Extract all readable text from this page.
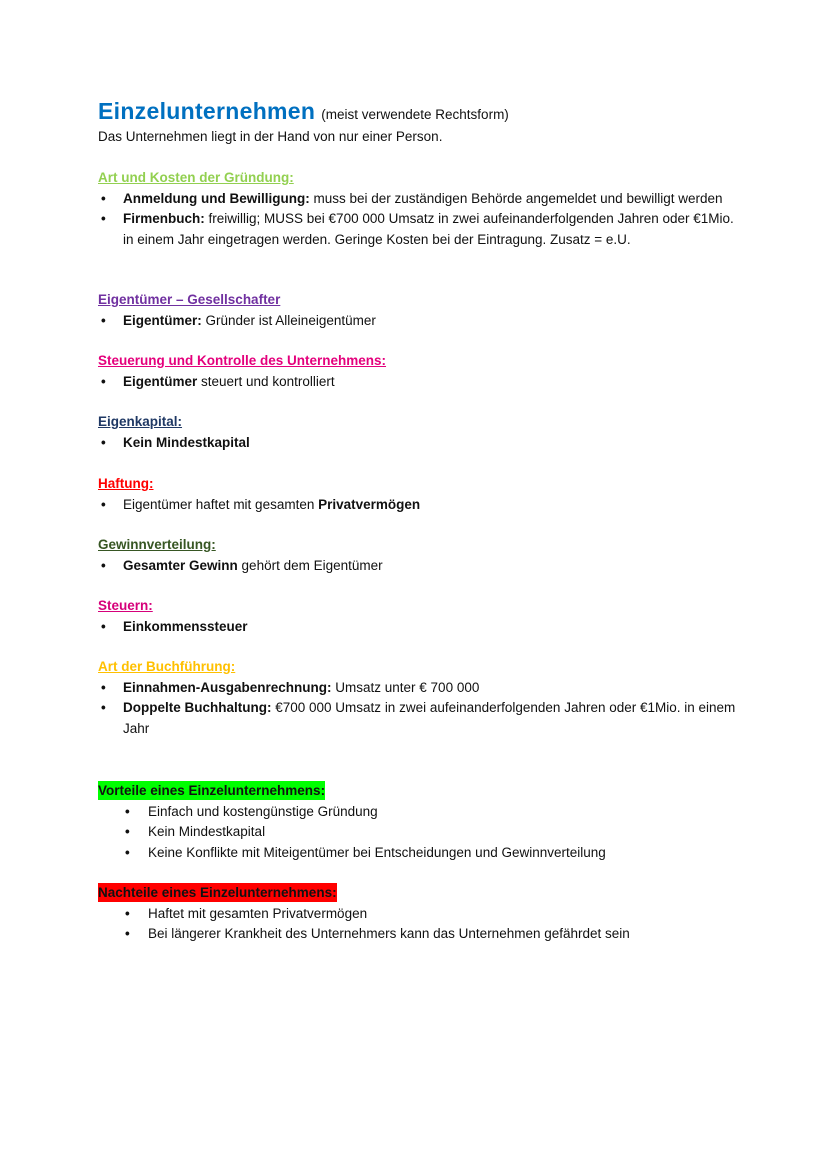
Einzelunternehmen (meist verwendete Rechtsform)
Das Unternehmen liegt in der Hand von nur einer Person.
Art und Kosten der Gründung:
• Anmeldung und Bewilligung: muss bei der zuständigen Behörde angemeldet und bewilligt werden
• Firmenbuch: freiwillig; MUSS bei €700 000 Umsatz in zwei aufeinanderfolgenden Jahren oder €1Mio. in einem Jahr eingetragen werden. Geringe Kosten bei der Eintragung. Zusatz = e.U.
Eigentümer – Gesellschafter
• Eigentümer: Gründer ist Alleineigentümer
Steuerung und Kontrolle des Unternehmens:
• Eigentümer steuert und kontrolliert
Eigenkapital:
• Kein Mindestkapital
Haftung:
• Eigentümer haftet mit gesamten Privatvermögen
Gewinnverteilung:
• Gesamter Gewinn gehört dem Eigentümer
Steuern:
• Einkommenssteuer
Art der Buchführung:
• Einnahmen-Ausgabenrechnung: Umsatz unter € 700 000
• Doppelte Buchhaltung: €700 000 Umsatz in zwei aufeinanderfolgenden Jahren oder €1Mio. in einem Jahr
Vorteile eines Einzelunternehmens:
• Einfach und kostengünstige Gründung
• Kein Mindestkapital
• Keine Konflikte mit Miteigentümer bei Entscheidungen und Gewinnverteilung
Nachteile eines Einzelunternehmens:
• Haftet mit gesamten Privatvermögen
• Bei längerer Krankheit des Unternehmers kann das Unternehmen gefährdet sein
